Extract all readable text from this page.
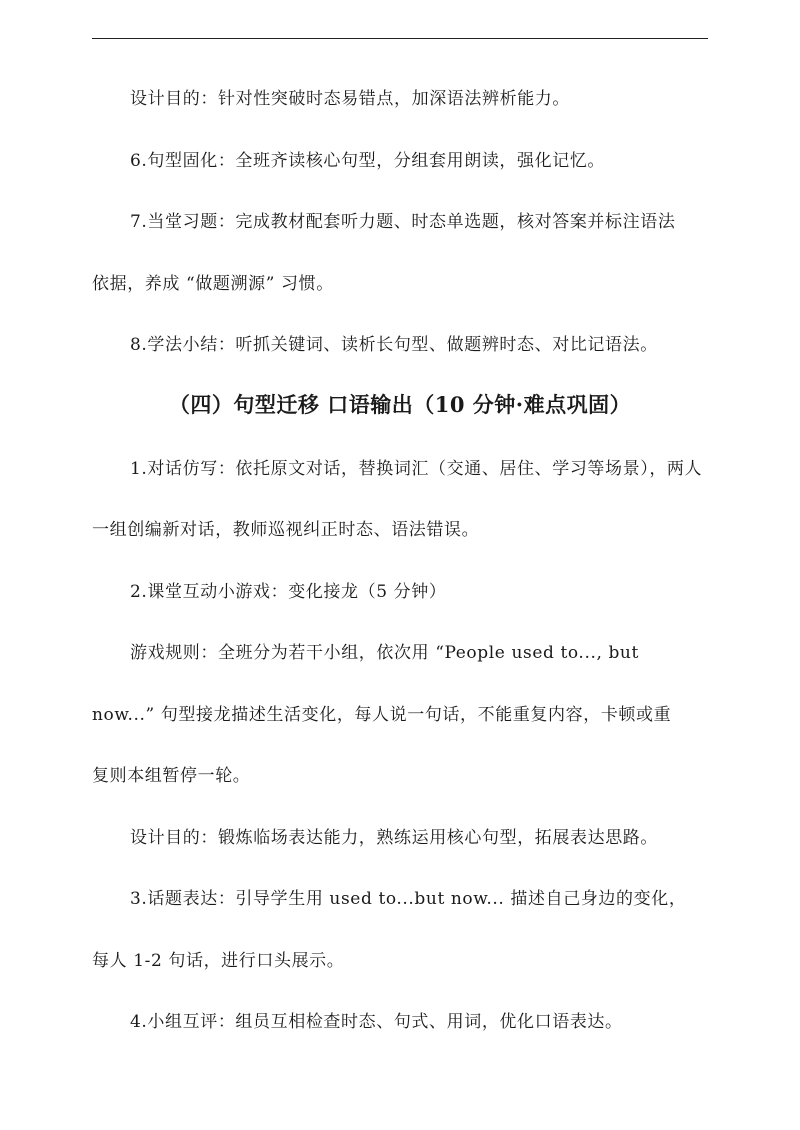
设计目的：针对性突破时态易错点，加深语法辨析能力。
6.句型固化：全班齐读核心句型，分组套用朗读，强化记忆。
7.当堂习题：完成教材配套听力题、时态单选题，核对答案并标注语法
依据，养成 “做题溯源” 习惯。
8.学法小结：听抓关键词、读析长句型、做题辨时态、对比记语法。
（四）句型迁移 口语输出（10 分钟·难点巩固）
1.对话仿写：依托原文对话，替换词汇（交通、居住、学习等场景），两人
一组创编新对话，教师巡视纠正时态、语法错误。
2.课堂互动小游戏：变化接龙（5 分钟）
游戏规则：全班分为若干小组，依次用 “People used to..., but
now...” 句型接龙描述生活变化，每人说一句话，不能重复内容，卡顿或重
复则本组暂停一轮。
设计目的：锻炼临场表达能力，熟练运用核心句型，拓展表达思路。
3.话题表达：引导学生用 used to...but now... 描述自己身边的变化，
每人 1-2 句话，进行口头展示。
4.小组互评：组员互相检查时态、句式、用词，优化口语表达。
